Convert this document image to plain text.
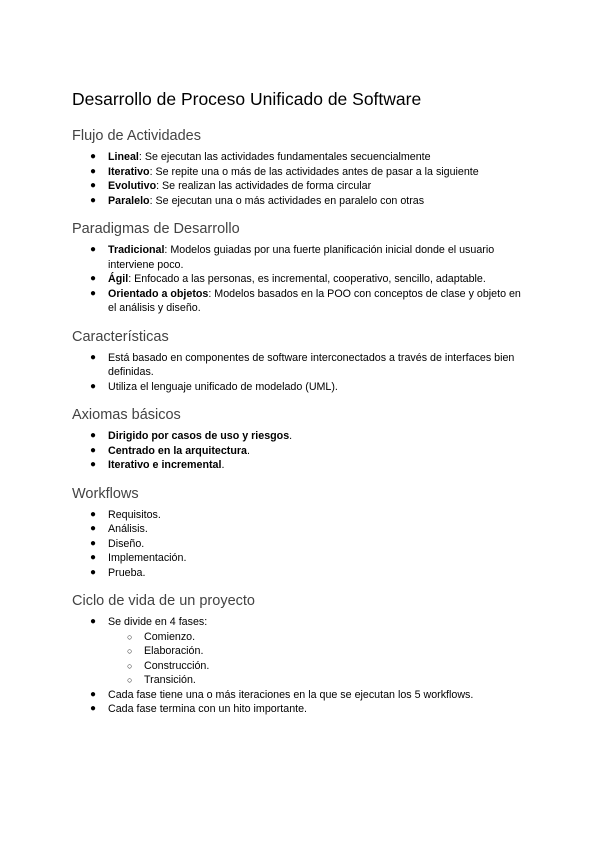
Desarrollo de Proceso Unificado de Software
Flujo de Actividades
● Lineal: Se ejecutan las actividades fundamentales secuencialmente
● Iterativo: Se repite una o más de las actividades antes de pasar a la siguiente
● Evolutivo: Se realizan las actividades de forma circular
● Paralelo: Se ejecutan una o más actividades en paralelo con otras
Paradigmas de Desarrollo
● Tradicional: Modelos guiadas por una fuerte planificación inicial donde el usuario interviene poco.
● Ágil: Enfocado a las personas, es incremental, cooperativo, sencillo, adaptable.
● Orientado a objetos: Modelos basados en la POO con conceptos de clase y objeto en el análisis y diseño.
Características
● Está basado en componentes de software interconectados a través de interfaces bien definidas.
● Utiliza el lenguaje unificado de modelado (UML).
Axiomas básicos
● Dirigido por casos de uso y riesgos.
● Centrado en la arquitectura.
● Iterativo e incremental.
Workflows
● Requisitos.
● Análisis.
● Diseño.
● Implementación.
● Prueba.
Ciclo de vida de un proyecto
● Se divide en 4 fases:
○ Comienzo.
○ Elaboración.
○ Construcción.
○ Transición.
● Cada fase tiene una o más iteraciones en la que se ejecutan los 5 workflows.
● Cada fase termina con un hito importante.
